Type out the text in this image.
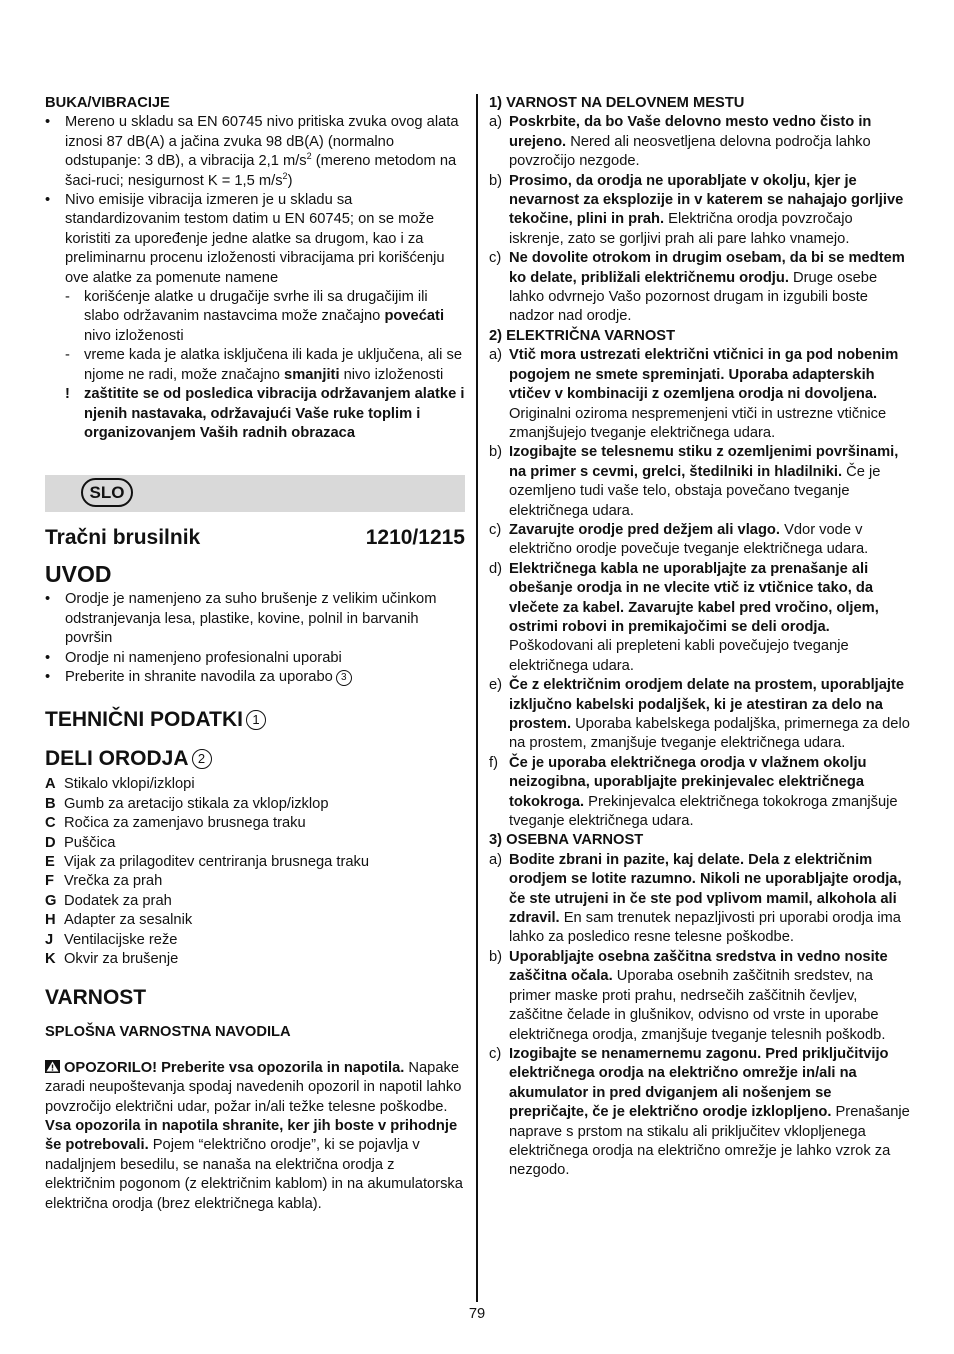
BUKA/VIBRACIJE

•	Mereno u skladu sa EN 60745 nivo pritiska zvuka ovog alata iznosi 87 dB(A) a jačina zvuka 98 dB(A) (normalno odstupanje: 3 dB), a vibracija 2,1 $m/s^2$ (mereno metodom na šaci-ruci; nesigurnost K = 1,5 $m/s^2$)
•	Nivo emisije vibracija izmeren je u skladu sa standardizovanim testom datim u EN 60745; on se može koristiti za upoređenje jedne alatke sa drugom, kao i za preliminarnu procenu izloženosti vibracijama pri korišćenju ove alatke za pomenute namene
- korišćenje alatke u drugačije svrhe ili sa drugačijim ili slabo održavanim nastavcima može značajno povećati nivo izloženosti
- vreme kada je alatka isključena ili kada je uključena, ali se njome ne radi, može značajno smanjiti nivo izloženosti
! zaštitite se od posledica vibracija održavanjem alatke i njenih nastavaka, održavajući Vaše ruke toplim i organizovanjem Vaših radnih obrazaca
SLO
Tračni brusilnik	1210/1215

UVOD

•	Orodje je namenjeno za suho brušenje z velikim učinkom odstranjevanja lesa, plastike, kovine, polnil in barvanih površin
•	Orodje ni namenjeno profesionalni uporabi
•	Preberite in shranite navodila za uporabo 3

TEHNIČNI PODATKI 1

DELI ORODJA 2

A Stikalo vklopi/izklopi
B Gumb za aretacijo stikala za vklop/izklop
C Ročica za zamenjavo brusnega traku
D Puščica
E Vijak za prilagoditev centriranja brusnega traku
F Vrečka za prah
G Dodatek za prah
H Adapter za sesalnik
J Ventilacijske reže
K Okvir za brušenje

VARNOST

SPLOŠNA VARNOSTNA NAVODILA

OPOZORILO! Preberite vsa opozorila in napotila. Napake zaradi neupoštevanja spodaj navedenih opozoril in napotil lahko povzročijo električni udar, požar in/ali težke telesne poškodbe. Vsa opozorila in napotila shranite, ker jih boste v prihodnje še potrebovali. Pojem “električno orodje”, ki se pojavlja v nadaljnjem besedilu, se nanaša na električna orodja z električnim pogonom (z električnim kablom) in na akumulatorska električna orodja (brez električnega kabla).

1) VARNOST NA DELOVNEM MESTU

a) Poskrbite, da bo Vaše delovno mesto vedno čisto in urejeno. Nered ali neosvetljena delovna področja lahko povzročijo nezgode.
b) Prosimo, da orodja ne uporabljate v okolju, kjer je nevarnost za eksplozije in v katerem se nahajajo gorljive tekočine, plini in prah. Električna orodja povzročajo iskrenje, zato se gorljivi prah ali pare lahko vnamejo.
c) Ne dovolite otrokom in drugim osebam, da bi se medtem ko delate, približali električnemu orodju. Druge osebe lahko odvrnejo Vašo pozornost drugam in izgubili boste nadzor nad orodje.

2) ELEKTRIČNA VARNOST

a) Vtič mora ustrezati električni vtičnici in ga pod nobenim pogojem ne smete spreminjati. Uporaba adapterskih vtičev v kombinaciji z ozemljena orodja ni dovoljena. Originalni oziroma nespremenjeni vtiči in ustrezne vtičnice zmanjšujejo tveganje električnega udara.
b) Izogibajte se telesnemu stiku z ozemljenimi površinami, na primer s cevmi, grelci, štedilniki in hladilniki. Če je ozemljeno tudi vaše telo, obstaja povečano tveganje električnega udara.
c) Zavarujte orodje pred dežjem ali vlago. Vdor vode v električno orodje povečuje tveganje električnega udara.
d) Električnega kabla ne uporabljajte za prenašanje ali obešanje orodja in ne vlecite vtič iz vtičnice tako, da vlečete za kabel. Zavarujte kabel pred vročino, oljem, ostrimi robovi in premikajočimi se deli orodja. Poškodovani ali prepleteni kabli povečujejo tveganje električnega udara.
e) Če z električnim orodjem delate na prostem, uporabljajte izključno kabelski podaljšek, ki je atestiran za delo na prostem. Uporaba kabelskega podaljška, primernega za delo na prostem, zmanjšuje tveganje električnega udara.
f) Če je uporaba električnega orodja v vlažnem okolju neizogibna, uporabljajte prekinjevalec električnega tokokroga. Prekinjevalca električnega tokokroga zmanjšuje tveganje električnega udara.

3) OSEBNA VARNOST

a) Bodite zbrani in pazite, kaj delate. Dela z električnim orodjem se lotite razumno. Nikoli ne uporabljajte orodja, če ste utrujeni in če ste pod vplivom mamil, alkohola ali zdravil. En sam trenutek nepazljivosti pri uporabi orodja ima lahko za posledico resne telesne poškodbe.
b) Uporabljajte osebna zaščitna sredstva in vedno nosite zaščitna očala. Uporaba osebnih zaščitnih sredstev, na primer maske proti prahu, nedrsečih zaščitnih čevljev, zaščitne čelade in glušnikov, odvisno od vrste in uporabe električnega orodja, zmanjšuje tveganje telesnih poškodb.
c) Izogibajte se nenamernemu zagonu. Pred priključitvijo električnega orodja na električno omrežje in/ali na akumulator in pred dviganjem ali nošenjem se prepričajte, če je električno orodje izklopljeno. Prenašanje naprave s prstom na stikalu ali priključitev vklopljenega električnega orodja na električno omrežje je lahko vzrok za nezgodo.
79
